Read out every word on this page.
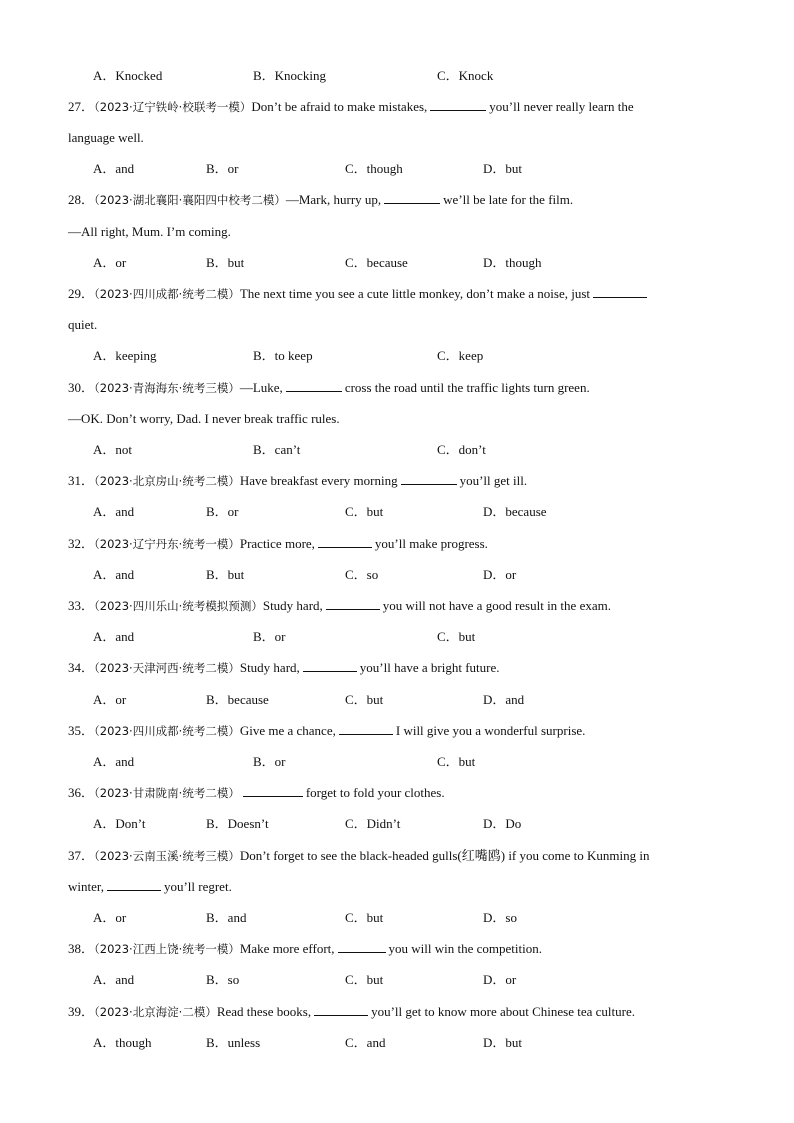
A．Knocked	B．Knocking	C．Knock
27．（2023·辽宁铁岭·校联考一模）Don’t be afraid to make mistakes,	you’ll never really learn the
language well.
A．and	B．or	C．though	D．but
28．（2023·湖北襄阳·襄阳四中校考二模）—Mark, hurry up,	we’ll be late for the film.
—All right, Mum. I’m coming.
A．or	B．but	C．because	D．though
29．（2023·四川成都·统考二模）The next time you see a cute little monkey, don’t make a noise, just
quiet.
A．keeping	B．to keep	C．keep
30．（2023·青海海东·统考三模）—Luke,	cross the road until the traffic lights turn green.
—OK. Don’t worry, Dad. I never break traffic rules.
A．not	B．can’t	C．don’t
31．（2023·北京房山·统考二模）Have breakfast every morning	you’ll get ill.
A．and	B．or	C．but	D．because
32．（2023·辽宁丹东·统考一模）Practice more,	you’ll make progress.
A．and	B．but	C．so	D．or
33．（2023·四川乐山·统考模拟预测）Study hard,	you will not have a good result in the exam.
A．and	B．or	C．but
34．（2023·天津河西·统考二模）Study hard,	you’ll have a bright future.
A．or	B．because	C．but	D．and
35．（2023·四川成都·统考二模）Give me a chance,	I will give you a wonderful surprise.
A．and	B．or	C．but
36．（2023·甘肃陇南·统考二模）	forget to fold your clothes.
A．Don’t	B．Doesn’t	C．Didn’t	D．Do
37．（2023·云南玉溪·统考三模）Don’t forget to see the black-headed gulls(红嘴鸥) if you come to Kunming in
winter,	you’ll regret.
A．or	B．and	C．but	D．so
38．（2023·江西上饶·统考一模）Make more effort,	you will win the competition.
A．and	B．so	C．but	D．or
39．（2023·北京海淀·二模）Read these books,	you’ll get to know more about Chinese tea culture.
A．though	B．unless	C．and	D．but
